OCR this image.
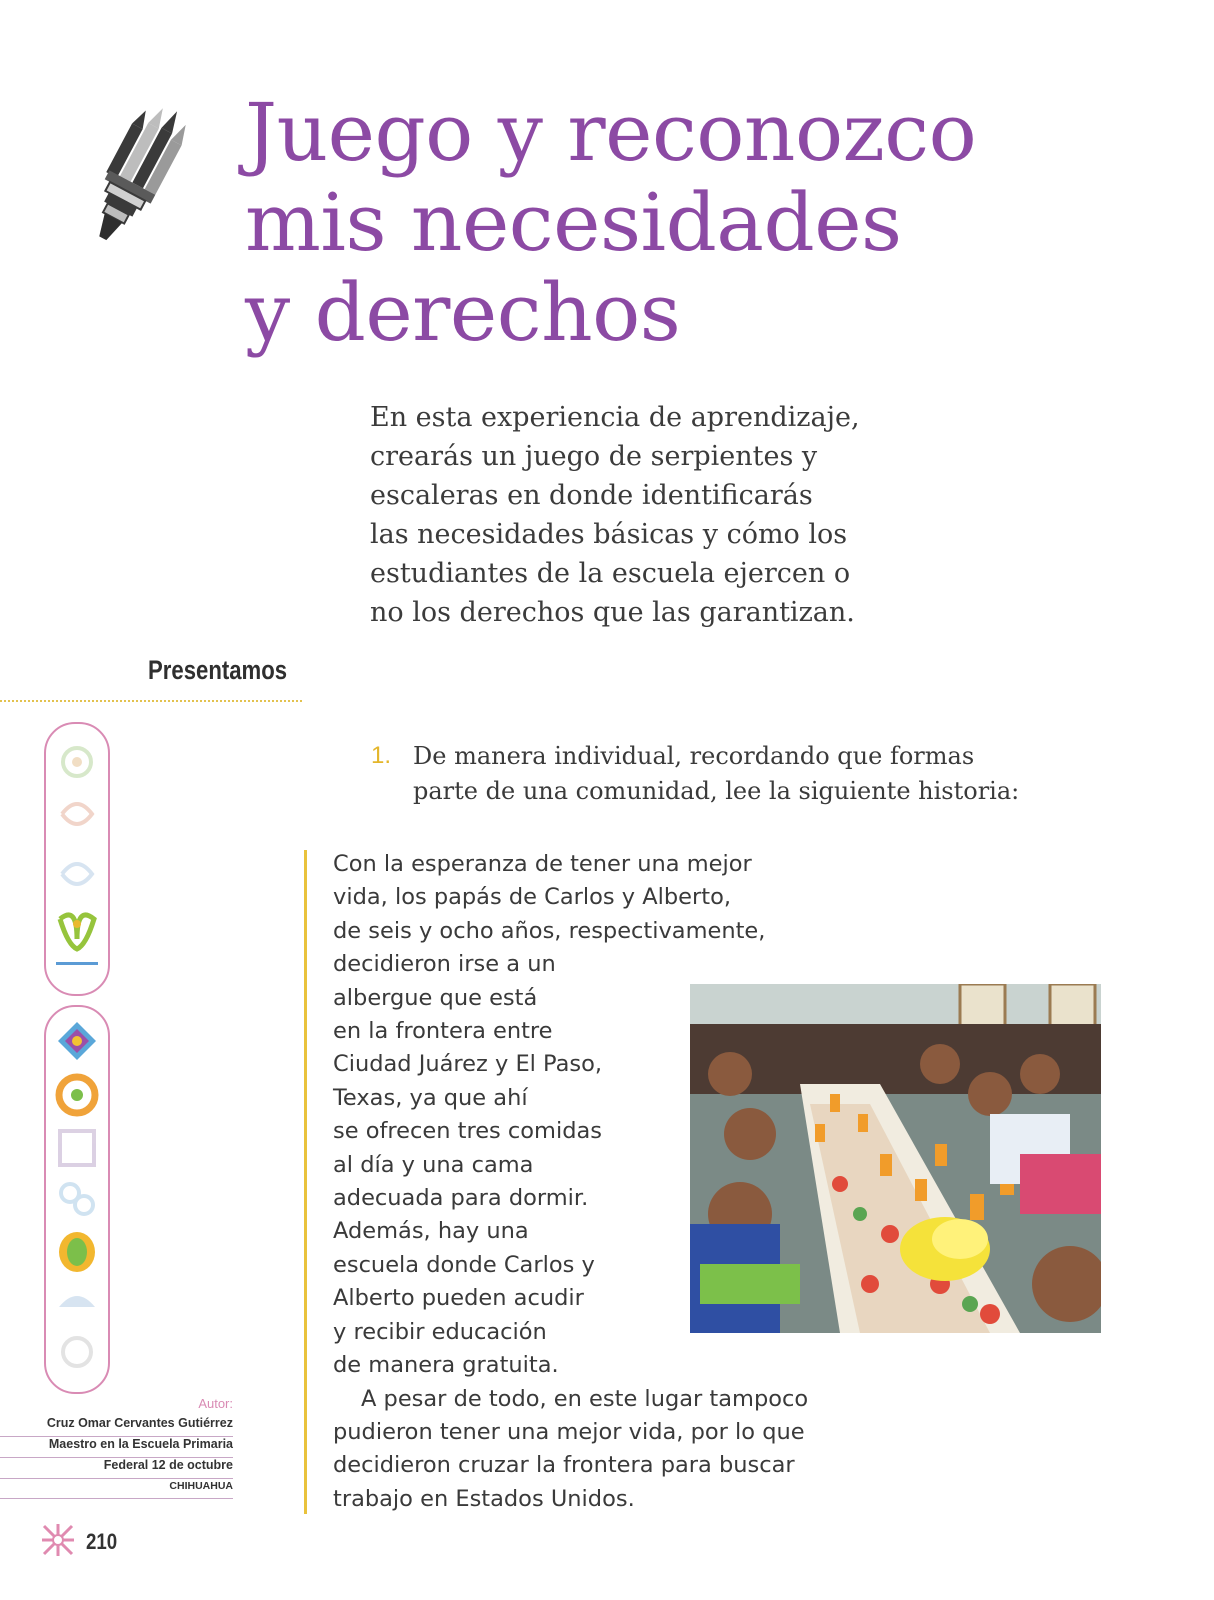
Juego y reconozco
mis necesidades
y derechos
En esta experiencia de aprendizaje,
crearás un juego de serpientes y
escaleras en donde identificarás
las necesidades básicas y cómo los
estudiantes de la escuela ejercen o
no los derechos que las garantizan.
Presentamos
1. De manera individual, recordando que formas
parte de una comunidad, lee la siguiente historia:
Con la esperanza de tener una mejor
vida, los papás de Carlos y Alberto,
de seis y ocho años, respectivamente,
decidieron irse a un
albergue que está
en la frontera entre
Ciudad Juárez y El Paso,
Texas, ya que ahí
se ofrecen tres comidas
al día y una cama
adecuada para dormir.
Además, hay una
escuela donde Carlos y
Alberto pueden acudir
y recibir educación
de manera gratuita.
A pesar de todo, en este lugar tampoco
pudieron tener una mejor vida, por lo que
decidieron cruzar la frontera para buscar
trabajo en Estados Unidos.
Autor:
Cruz Omar Cervantes Gutiérrez
Maestro en la Escuela Primaria
Federal 12 de octubre
CHIHUAHUA
210
